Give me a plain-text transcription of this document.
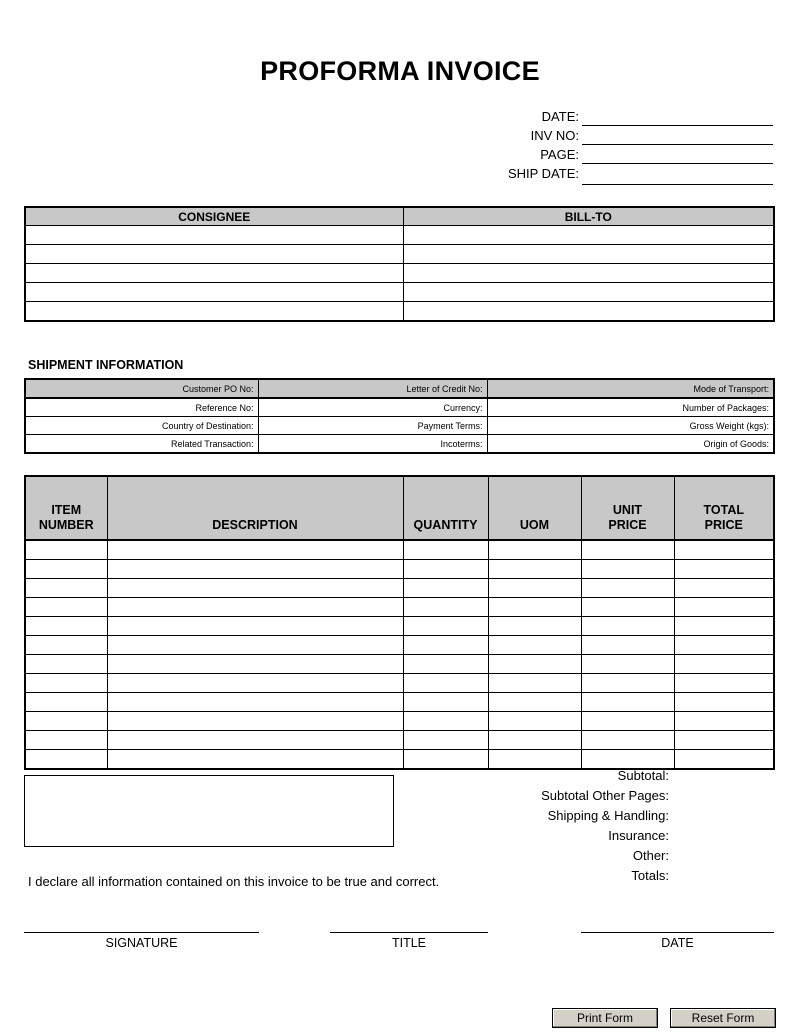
PROFORMA INVOICE
DATE:
INV NO:
PAGE:
SHIP DATE:
CONSIGNEE	BILL-TO

SHIPMENT INFORMATION
Customer PO No:	Letter of Credit No:	Mode of Transport:
Reference No:	Currency:	Number of Packages:
Country of Destination:	Payment Terms:	Gross Weight (kgs):
Related Transaction:	Incoterms:	Origin of Goods:
ITEM NUMBER	DESCRIPTION	QUANTITY	UOM	UNIT PRICE	TOTAL PRICE

Subtotal:
Subtotal Other Pages:
Shipping & Handling:
Insurance:
Other:
Totals:
I declare all information contained on this invoice to be true and correct.
SIGNATURE	TITLE	DATE
Print Form	Reset Form
